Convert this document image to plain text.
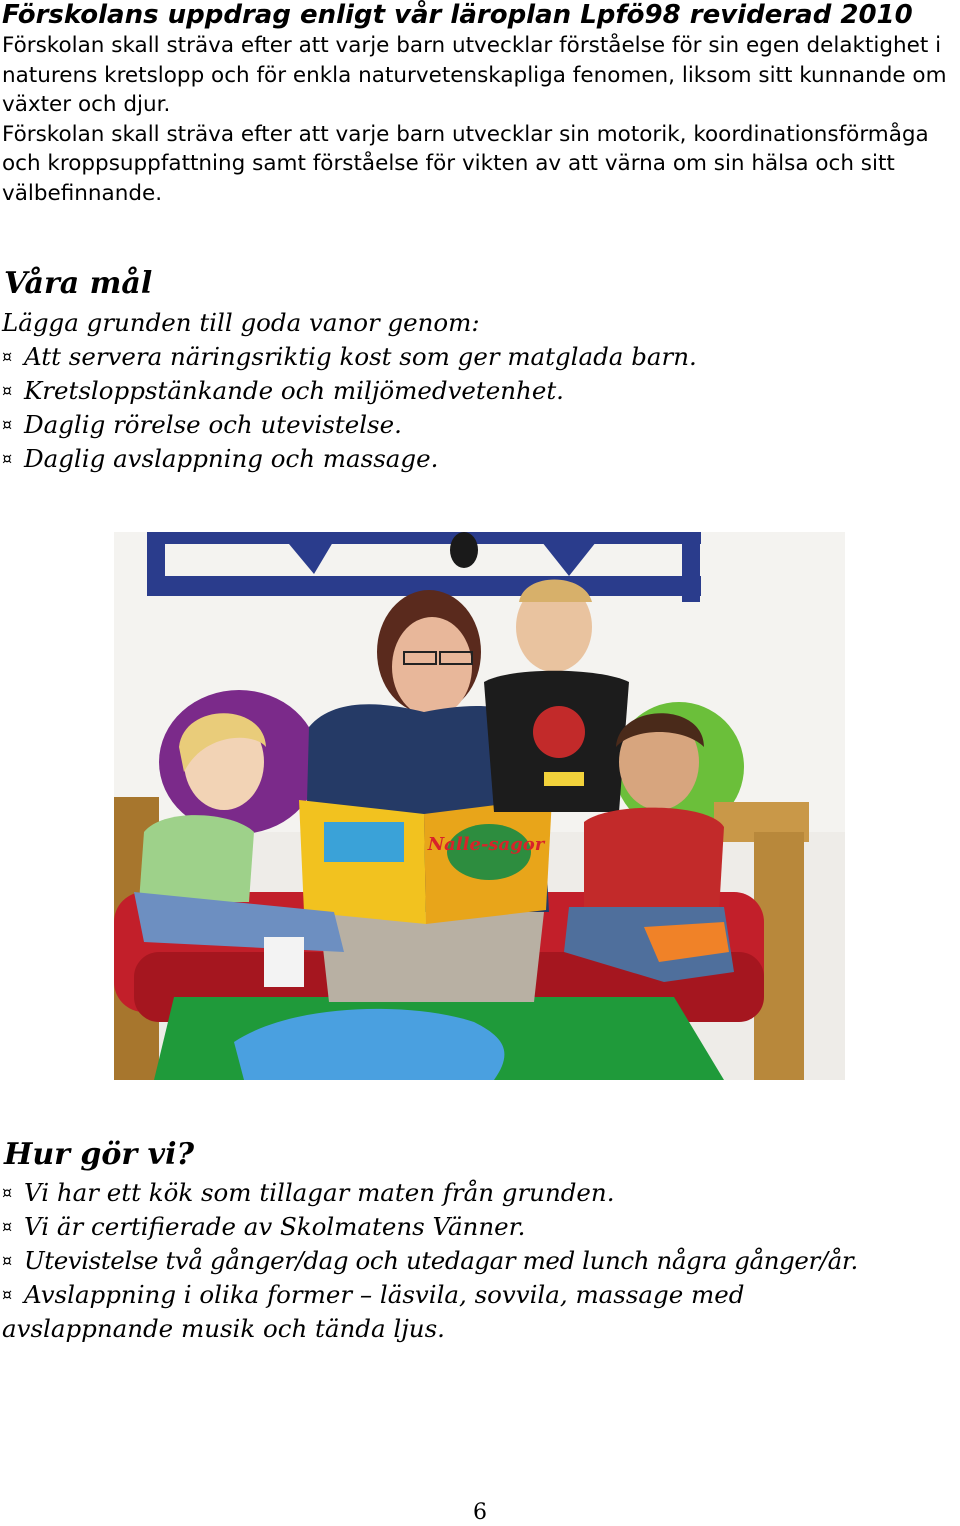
Förskolans uppdrag enligt vår läroplan Lpfö98 reviderad 2010

Förskolan skall sträva efter att varje barn utvecklar förståelse för sin egen delaktighet i naturens kretslopp och för enkla naturvetenskapliga fenomen, liksom sitt kunnande om växter och djur.

Förskolan skall sträva efter att varje barn utvecklar sin motorik, koordinationsförmåga och kroppsuppfattning samt förståelse för vikten av att värna om sin hälsa och sitt välbefinnande.

Våra mål

Lägga grunden till goda vanor genom:

¤ Att servera näringsriktig kost som ger matglada barn.

¤ Kretsloppstänkande och miljömedvetenhet.

¤ Daglig rörelse och utevistelse.

¤ Daglig avslappning och massage.

Nalle-sagor
Hur gör vi?

¤ Vi har ett kök som tillagar maten från grunden.

¤ Vi är certifierade av Skolmatens Vänner.

¤ Utevistelse två gånger/dag och utedagar med lunch några gånger/år.

¤ Avslappning i olika former – läsvila, sovvila, massage med avslappnande musik och tända ljus.

6
